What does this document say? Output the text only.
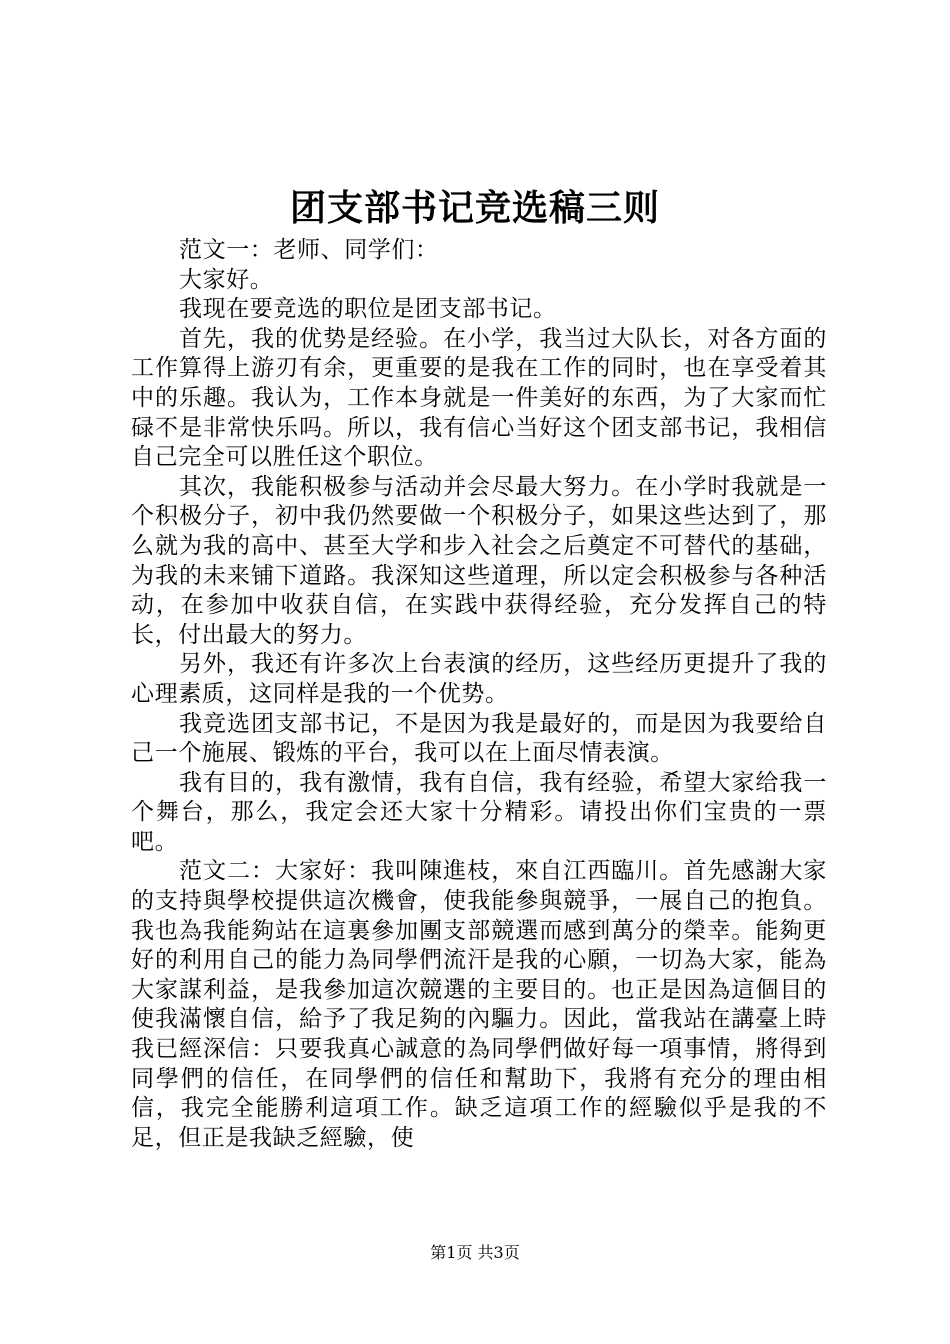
团支部书记竞选稿三则

范文一：老师、同学们：

大家好。

我现在要竞选的职位是团支部书记。

首先，我的优势是经验。在小学，我当过大队长，对各方面的工作算得上游刃有余，更重要的是我在工作的同时，也在享受着其中的乐趣。我认为，工作本身就是一件美好的东西，为了大家而忙碌不是非常快乐吗。所以，我有信心当好这个团支部书记，我相信自己完全可以胜任这个职位。

其次，我能积极参与活动并会尽最大努力。在小学时我就是一个积极分子，初中我仍然要做一个积极分子，如果这些达到了，那么就为我的高中、甚至大学和步入社会之后奠定不可替代的基础，为我的未来铺下道路。我深知这些道理，所以定会积极参与各种活动，在参加中收获自信，在实践中获得经验，充分发挥自己的特长，付出最大的努力。

另外，我还有许多次上台表演的经历，这些经历更提升了我的心理素质，这同样是我的一个优势。

我竞选团支部书记，不是因为我是最好的，而是因为我要给自己一个施展、锻炼的平台，我可以在上面尽情表演。

我有目的，我有激情，我有自信，我有经验，希望大家给我一个舞台，那么，我定会还大家十分精彩。请投出你们宝贵的一票吧。

范文二：大家好：我叫陳進枝，來自江西臨川。首先感謝大家的支持與學校提供這次機會，使我能參與競爭，一展自己的抱負。我也為我能夠站在這裏參加團支部競選而感到萬分的榮幸。能夠更好的利用自己的能力為同學們流汗是我的心願，一切為大家，能為大家謀利益，是我參加這次競選的主要目的。也正是因為這個目的使我滿懷自信，給予了我足夠的內驅力。因此，當我站在講臺上時我已經深信：只要我真心誠意的為同學們做好每一項事情，將得到同學們的信任，在同學們的信任和幫助下，我將有充分的理由相信，我完全能勝利這項工作。缺乏這項工作的經驗似乎是我的不足，但正是我缺乏經驗，使

第1页 共3页
